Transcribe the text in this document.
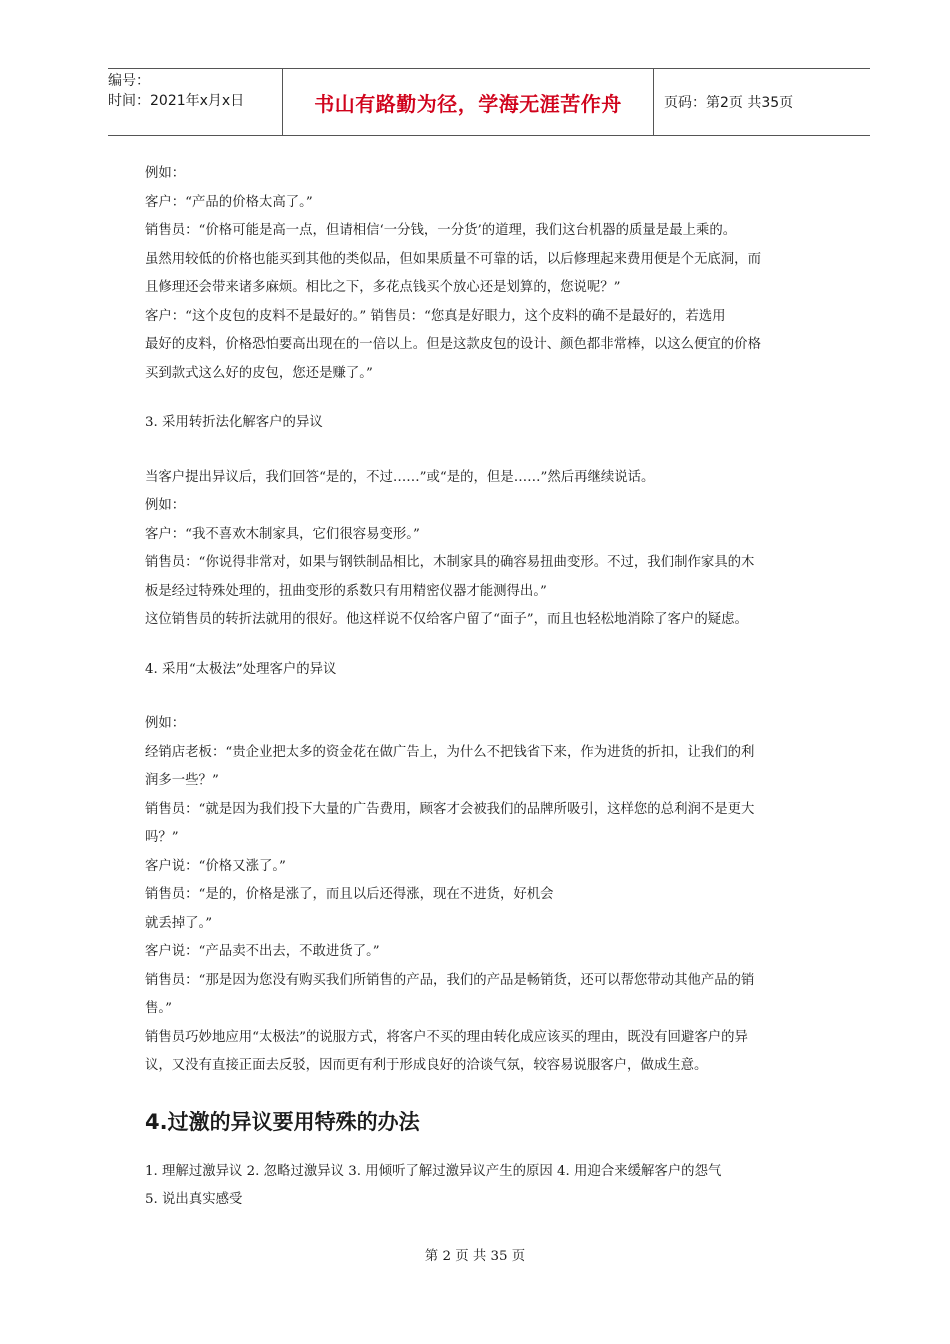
编号：
时间：2021年x月x日	书山有路勤为径，学海无涯苦作舟	页码：第2页 共35页

例如：

客户：“产品的价格太高了。”

销售员：“价格可能是高一点，但请相信‘一分钱，一分货’的道理，我们这台机器的质量是最上乘的。

虽然用较低的价格也能买到其他的类似品，但如果质量不可靠的话，以后修理起来费用便是个无底洞，而

且修理还会带来诸多麻烦。相比之下，多花点钱买个放心还是划算的，您说呢？”

客户：“这个皮包的皮料不是最好的。” 销售员：“您真是好眼力，这个皮料的确不是最好的，若选用

最好的皮料，价格恐怕要高出现在的一倍以上。但是这款皮包的设计、颜色都非常棒，以这么便宜的价格

买到款式这么好的皮包，您还是赚了。”

3. 采用转折法化解客户的异议

当客户提出异议后，我们回答“是的，不过……”或“是的，但是……”然后再继续说话。

例如：

客户：“我不喜欢木制家具，它们很容易变形。”

销售员：“你说得非常对，如果与钢铁制品相比，木制家具的确容易扭曲变形。不过，我们制作家具的木

板是经过特殊处理的，扭曲变形的系数只有用精密仪器才能测得出。”

这位销售员的转折法就用的很好。他这样说不仅给客户留了“面子”，而且也轻松地消除了客户的疑虑。

4. 采用“太极法”处理客户的异议

例如：

经销店老板：“贵企业把太多的资金花在做广告上，为什么不把钱省下来，作为进货的折扣，让我们的利

润多一些？”

销售员：“就是因为我们投下大量的广告费用，顾客才会被我们的品牌所吸引，这样您的总利润不是更大

吗？”

客户说：“价格又涨了。”

销售员：“是的，价格是涨了，而且以后还得涨，现在不进货，好机会

就丢掉了。”

客户说：“产品卖不出去，不敢进货了。”

销售员：“那是因为您没有购买我们所销售的产品，我们的产品是畅销货，还可以帮您带动其他产品的销

售。”

销售员巧妙地应用“太极法”的说服方式，将客户不买的理由转化成应该买的理由，既没有回避客户的异

议，又没有直接正面去反驳，因而更有利于形成良好的洽谈气氛，较容易说服客户，做成生意。

4.过激的异议要用特殊的办法

1. 理解过激异议 2. 忽略过激异议 3. 用倾听了解过激异议产生的原因 4. 用迎合来缓解客户的怨气

5. 说出真实感受

第 2 页 共 35 页
